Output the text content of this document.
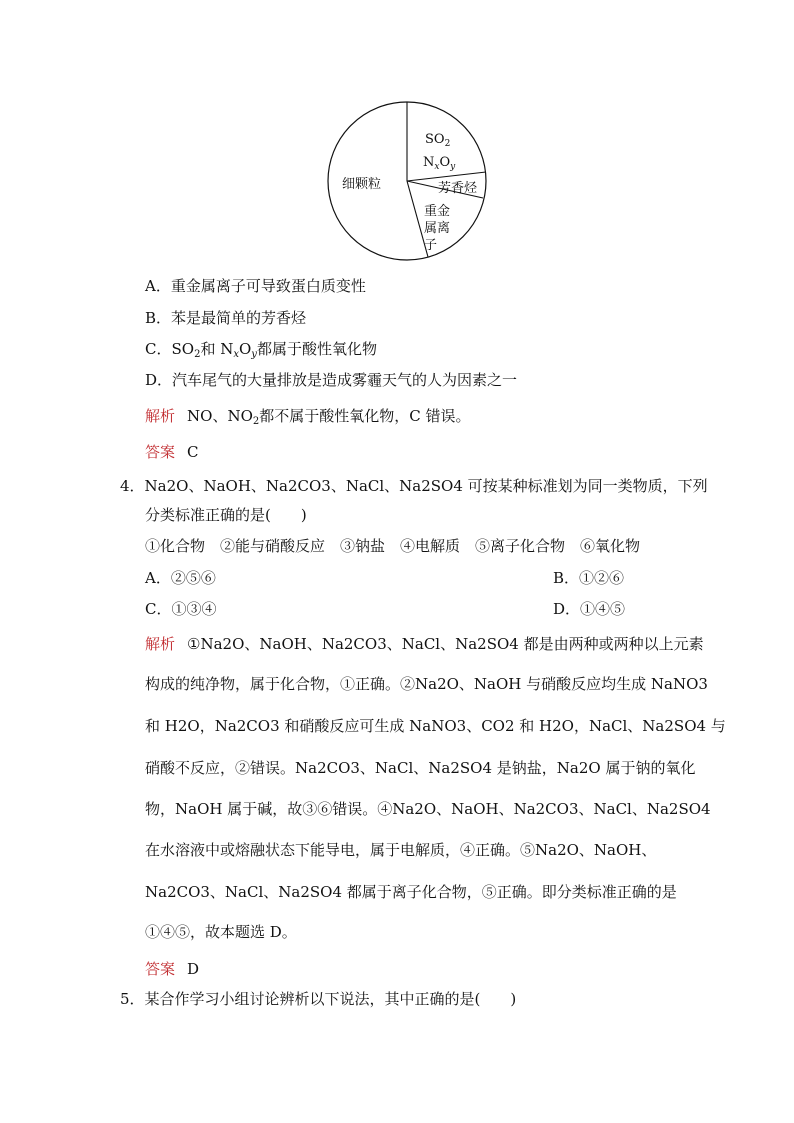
细颗粒
$SO_2$
$N_xO_y$
芳香烃
重金
属离
子
A．重金属离子可导致蛋白质变性
B．苯是最简单的芳香烃
C．$SO_2$和 $N_xO_y$都属于酸性氧化物
D．汽车尾气的大量排放是造成雾霾天气的人为因素之一
解析 NO、$NO_2$都不属于酸性氧化物，C 错误。
答案 C
4．Na2O、NaOH、Na2CO3、NaCl、Na2SO4 可按某种标准划为同一类物质，下列
分类标准正确的是(　　)
①化合物　②能与硝酸反应　③钠盐　④电解质　⑤离子化合物　⑥氧化物
A．②⑤⑥	B．①②⑥
C．①③④	D．①④⑤
解析 ①Na2O、NaOH、Na2CO3、NaCl、Na2SO4 都是由两种或两种以上元素
构成的纯净物，属于化合物，①正确。②Na2O、NaOH 与硝酸反应均生成 NaNO3
和 H2O，Na2CO3 和硝酸反应可生成 NaNO3、CO2 和 H2O，NaCl、Na2SO4 与
硝酸不反应，②错误。Na2CO3、NaCl、Na2SO4 是钠盐，Na2O 属于钠的氧化
物，NaOH 属于碱，故③⑥错误。④Na2O、NaOH、Na2CO3、NaCl、Na2SO4
在水溶液中或熔融状态下能导电，属于电解质，④正确。⑤Na2O、NaOH、
Na2CO3、NaCl、Na2SO4 都属于离子化合物，⑤正确。即分类标准正确的是
①④⑤，故本题选 D。
答案 D
5．某合作学习小组讨论辨析以下说法，其中正确的是(　　)
